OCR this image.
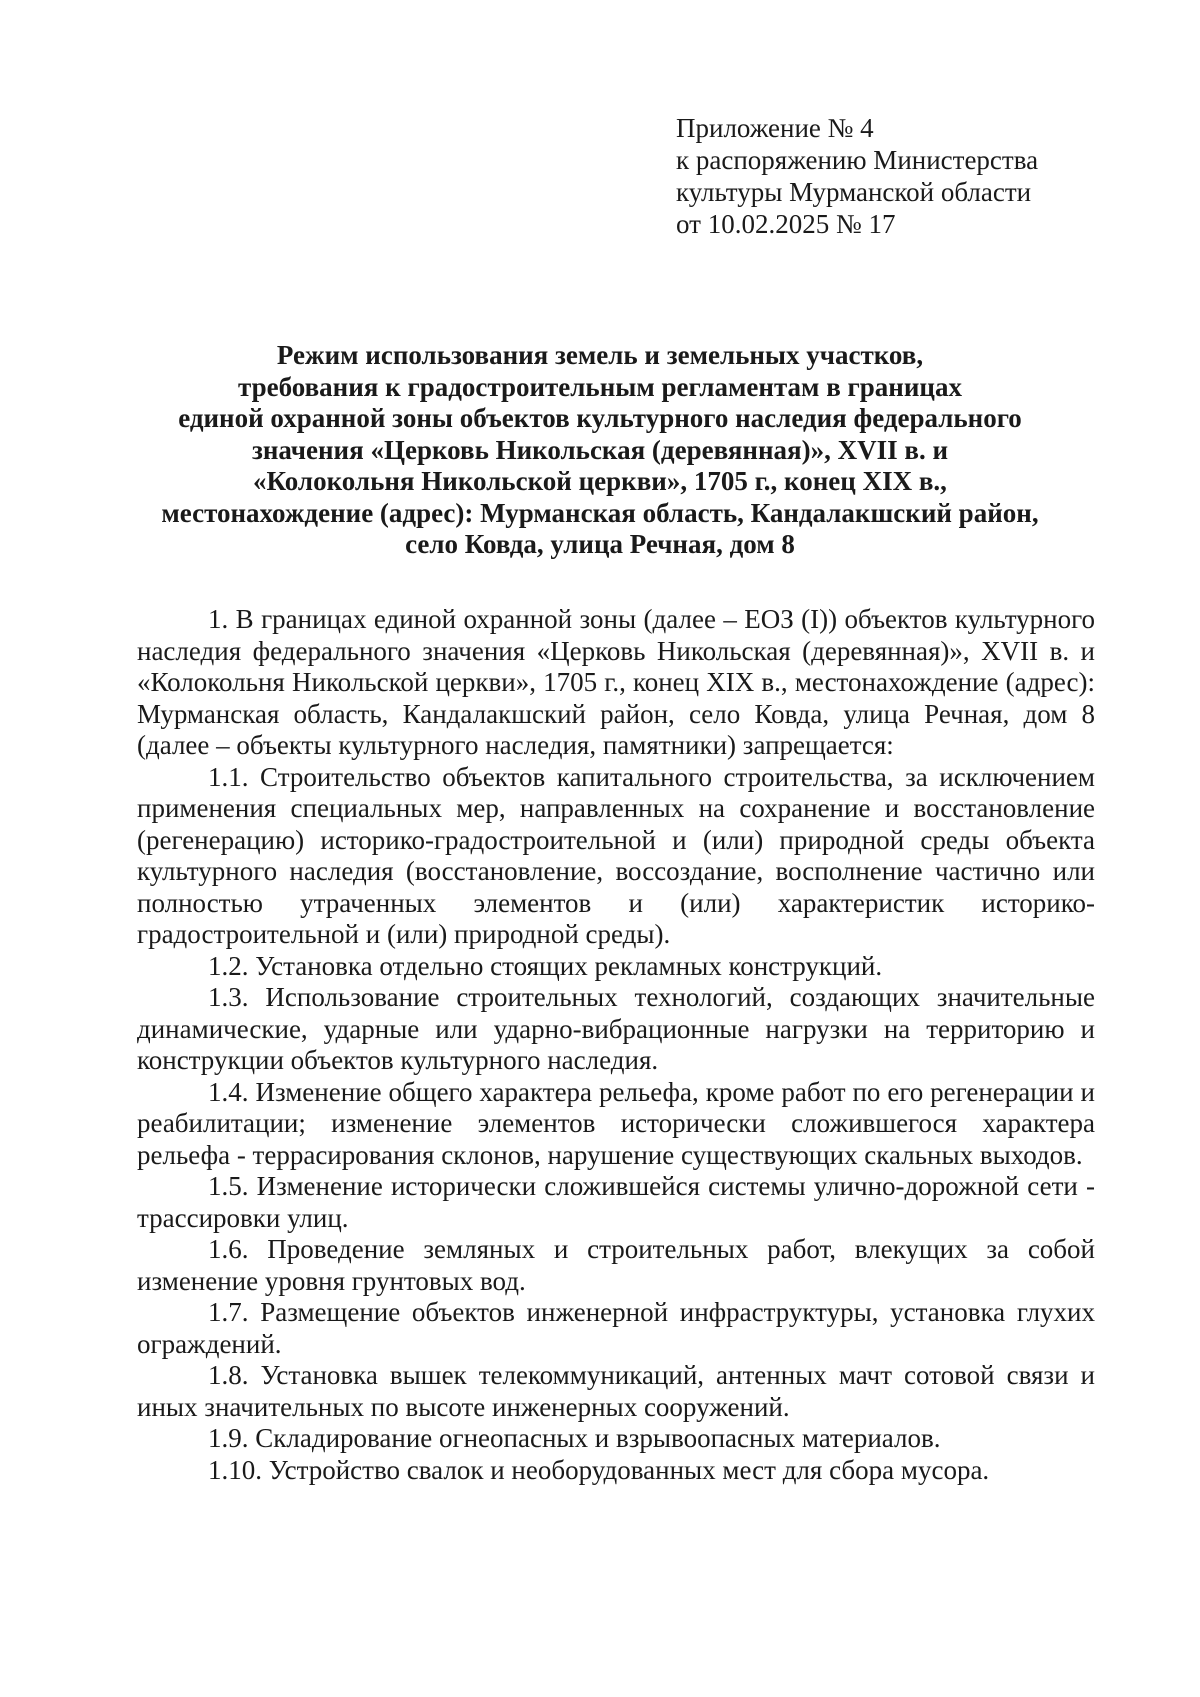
Приложение № 4
к распоряжению Министерства
культуры Мурманской области
от 10.02.2025 № 17
Режим использования земель и земельных участков,
требования к градостроительным регламентам в границах
единой охранной зоны объектов культурного наследия федерального
значения «Церковь Никольская (деревянная)», XVII в. и
«Колокольня Никольской церкви», 1705 г., конец XIX в.,
местонахождение (адрес): Мурманская область, Кандалакшский район,
село Ковда, улица Речная, дом 8

1. В границах единой охранной зоны (далее – ЕОЗ (I)) объектов культурного наследия федерального значения «Церковь Никольская (деревянная)», XVII в. и «Колокольня Никольской церкви», 1705 г., конец XIX в., местонахождение (адрес): Мурманская область, Кандалакшский район, село Ковда, улица Речная, дом 8 (далее – объекты культурного наследия, памятники) запрещается:

1.1. Строительство объектов капитального строительства, за исключением применения специальных мер, направленных на сохранение и восстановление (регенерацию) историко-градостроительной и (или) природной среды объекта культурного наследия (восстановление, воссоздание, восполнение частично или полностью утраченных элементов и (или) характеристик историко-градостроительной и (или) природной среды).

1.2. Установка отдельно стоящих рекламных конструкций.

1.3. Использование строительных технологий, создающих значительные динамические, ударные или ударно-вибрационные нагрузки на территорию и конструкции объектов культурного наследия.

1.4. Изменение общего характера рельефа, кроме работ по его регенерации и реабилитации; изменение элементов исторически сложившегося характера рельефа - террасирования склонов, нарушение существующих скальных выходов.

1.5. Изменение исторически сложившейся системы улично-дорожной сети - трассировки улиц.

1.6. Проведение земляных и строительных работ, влекущих за собой изменение уровня грунтовых вод.

1.7. Размещение объектов инженерной инфраструктуры, установка глухих ограждений.

1.8. Установка вышек телекоммуникаций, антенных мачт сотовой связи и иных значительных по высоте инженерных сооружений.

1.9. Складирование огнеопасных и взрывоопасных материалов.

1.10. Устройство свалок и необорудованных мест для сбора мусора.
